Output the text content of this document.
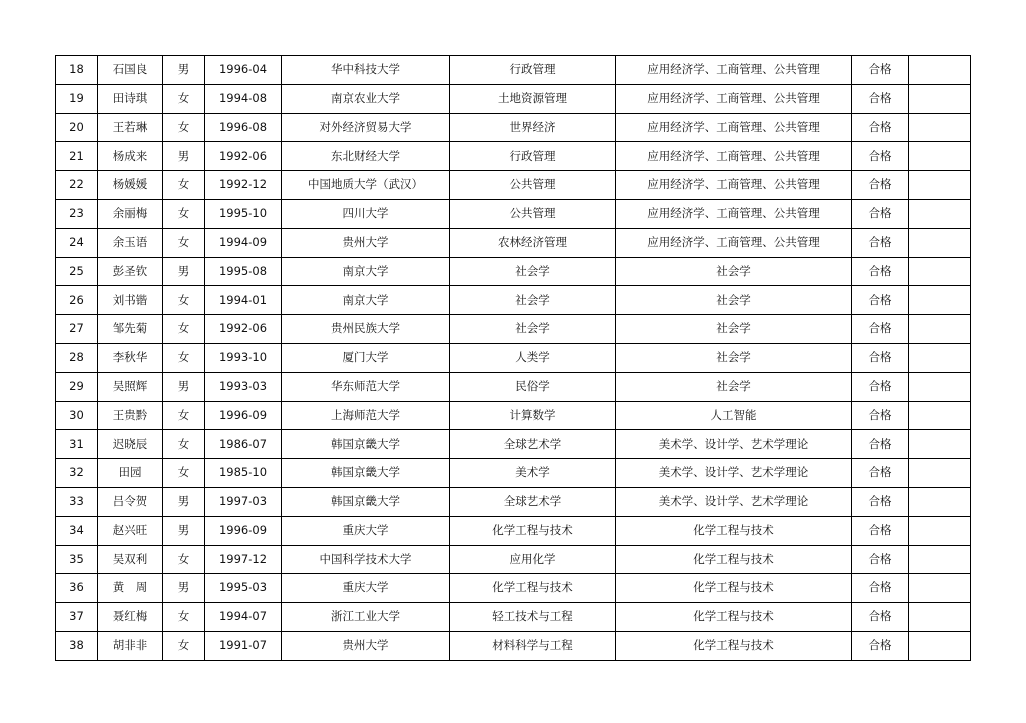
18	石国良	男	1996-04	华中科技大学	行政管理	应用经济学、工商管理、公共管理	合格	
19	田诗琪	女	1994-08	南京农业大学	土地资源管理	应用经济学、工商管理、公共管理	合格	
20	王若琳	女	1996-08	对外经济贸易大学	世界经济	应用经济学、工商管理、公共管理	合格	
21	杨成来	男	1992-06	东北财经大学	行政管理	应用经济学、工商管理、公共管理	合格	
22	杨媛媛	女	1992-12	中国地质大学（武汉）	公共管理	应用经济学、工商管理、公共管理	合格	
23	余丽梅	女	1995-10	四川大学	公共管理	应用经济学、工商管理、公共管理	合格	
24	余玉语	女	1994-09	贵州大学	农林经济管理	应用经济学、工商管理、公共管理	合格	
25	彭圣钦	男	1995-08	南京大学	社会学	社会学	合格	
26	刘书锴	女	1994-01	南京大学	社会学	社会学	合格	
27	邹先菊	女	1992-06	贵州民族大学	社会学	社会学	合格	
28	李秋华	女	1993-10	厦门大学	人类学	社会学	合格	
29	吴照辉	男	1993-03	华东师范大学	民俗学	社会学	合格	
30	王贵黔	女	1996-09	上海师范大学	计算数学	人工智能	合格	
31	迟晓辰	女	1986-07	韩国京畿大学	全球艺术学	美术学、设计学、艺术学理论	合格	
32	田园	女	1985-10	韩国京畿大学	美术学	美术学、设计学、艺术学理论	合格	
33	吕令贺	男	1997-03	韩国京畿大学	全球艺术学	美术学、设计学、艺术学理论	合格	
34	赵兴旺	男	1996-09	重庆大学	化学工程与技术	化学工程与技术	合格	
35	吴双利	女	1997-12	中国科学技术大学	应用化学	化学工程与技术	合格	
36	黄　周	男	1995-03	重庆大学	化学工程与技术	化学工程与技术	合格	
37	聂红梅	女	1994-07	浙江工业大学	轻工技术与工程	化学工程与技术	合格	
38	胡非非	女	1991-07	贵州大学	材料科学与工程	化学工程与技术	合格	
